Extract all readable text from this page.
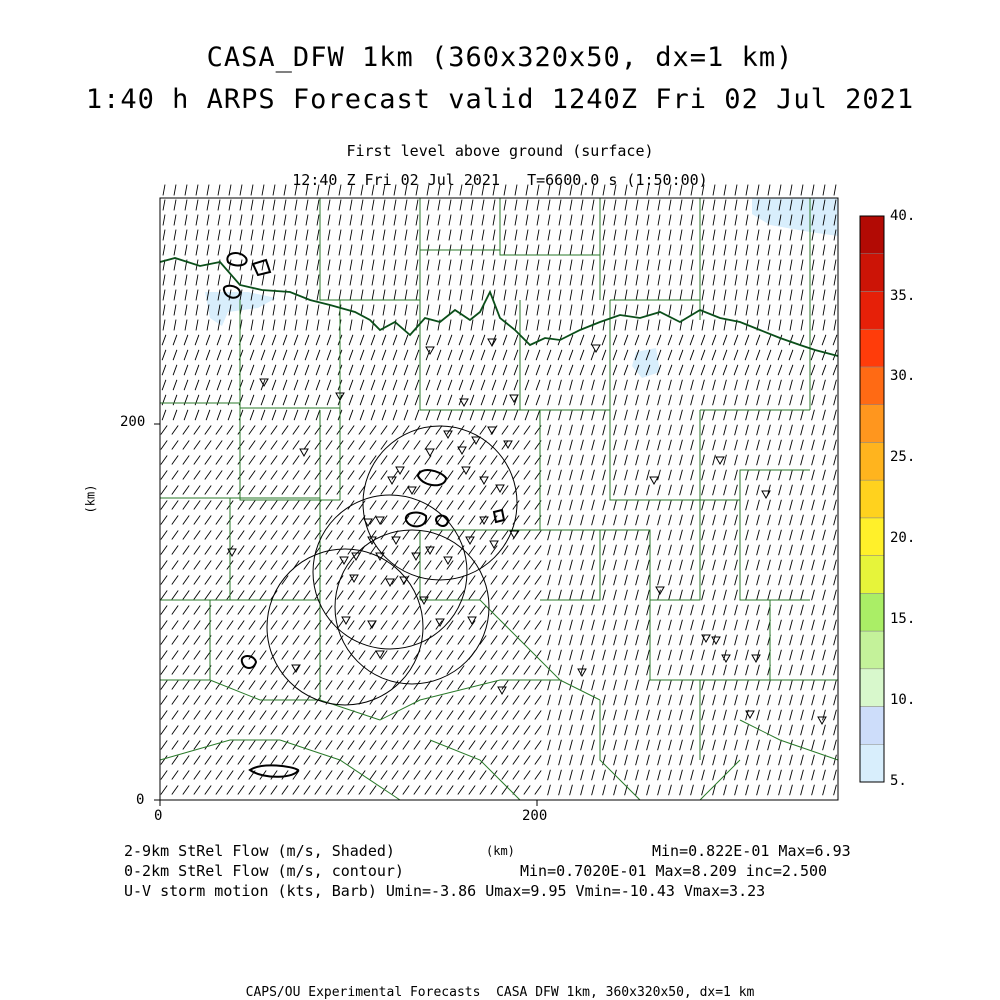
CASA_DFW 1km (360x320x50, dx=1 km)
1:40 h ARPS Forecast valid 1240Z Fri 02 Jul 2021
First level above ground (surface)
12:40 Z Fri 02 Jul 2021   T=6600.0 s (1:50:00)
0	200
0
200
(km)
40.
35.
30.
25.
20.
15.
10.
5.
2-9km StRel Flow (m/s, Shaded)	(km)	Min=0.822E-01 Max=6.93
0-2km StRel Flow (m/s, contour)	Min=0.7020E-01 Max=8.209 inc=2.500
U-V storm motion (kts, Barb) Umin=-3.86 Umax=9.95 Vmin=-10.43 Vmax=3.23
CAPS/OU Experimental Forecasts  CASA DFW 1km, 360x320x50, dx=1 km
